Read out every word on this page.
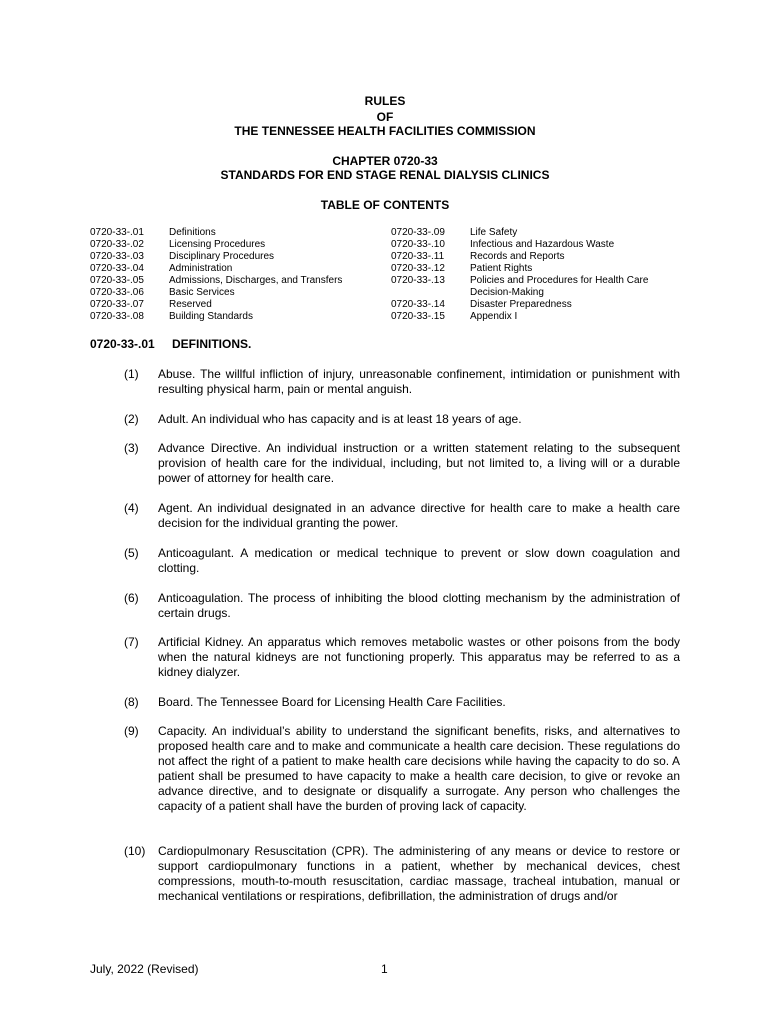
RULES
OF
THE TENNESSEE HEALTH FACILITIES COMMISSION
CHAPTER 0720-33
STANDARDS FOR END STAGE RENAL DIALYSIS CLINICS
TABLE OF CONTENTS
0720-33-.01	Definitions
0720-33-.02	Licensing Procedures
0720-33-.03	Disciplinary Procedures
0720-33-.04	Administration
0720-33-.05	Admissions, Discharges, and Transfers
0720-33-.06	Basic Services
0720-33-.07	Reserved
0720-33-.08	Building Standards
0720-33-.09	Life Safety
0720-33-.10	Infectious and Hazardous Waste
0720-33-.11	Records and Reports
0720-33-.12	Patient Rights
0720-33-.13	Policies and Procedures for Health Care
Decision-Making
0720-33-.14	Disaster Preparedness
0720-33-.15	Appendix I
0720-33-.01 DEFINITIONS.
(1)	Abuse. The willful infliction of injury, unreasonable confinement, intimidation or punishment with resulting physical harm, pain or mental anguish.
(2)	Adult. An individual who has capacity and is at least 18 years of age.
(3)	Advance Directive. An individual instruction or a written statement relating to the subsequent provision of health care for the individual, including, but not limited to, a living will or a durable power of attorney for health care.
(4)	Agent. An individual designated in an advance directive for health care to make a health care decision for the individual granting the power.
(5)	Anticoagulant. A medication or medical technique to prevent or slow down coagulation and clotting.
(6)	Anticoagulation. The process of inhibiting the blood clotting mechanism by the administration of certain drugs.
(7)	Artificial Kidney. An apparatus which removes metabolic wastes or other poisons from the body when the natural kidneys are not functioning properly. This apparatus may be referred to as a kidney dialyzer.
(8)	Board. The Tennessee Board for Licensing Health Care Facilities.
(9)	Capacity. An individual’s ability to understand the significant benefits, risks, and alternatives to proposed health care and to make and communicate a health care decision. These regulations do not affect the right of a patient to make health care decisions while having the capacity to do so. A patient shall be presumed to have capacity to make a health care decision, to give or revoke an advance directive, and to designate or disqualify a surrogate. Any person who challenges the capacity of a patient shall have the burden of proving lack of capacity.
(10)	Cardiopulmonary Resuscitation (CPR). The administering of any means or device to restore or support cardiopulmonary functions in a patient, whether by mechanical devices, chest compressions, mouth-to-mouth resuscitation, cardiac massage, tracheal intubation, manual or mechanical ventilations or respirations, defibrillation, the administration of drugs and/or
July, 2022 (Revised)	1
